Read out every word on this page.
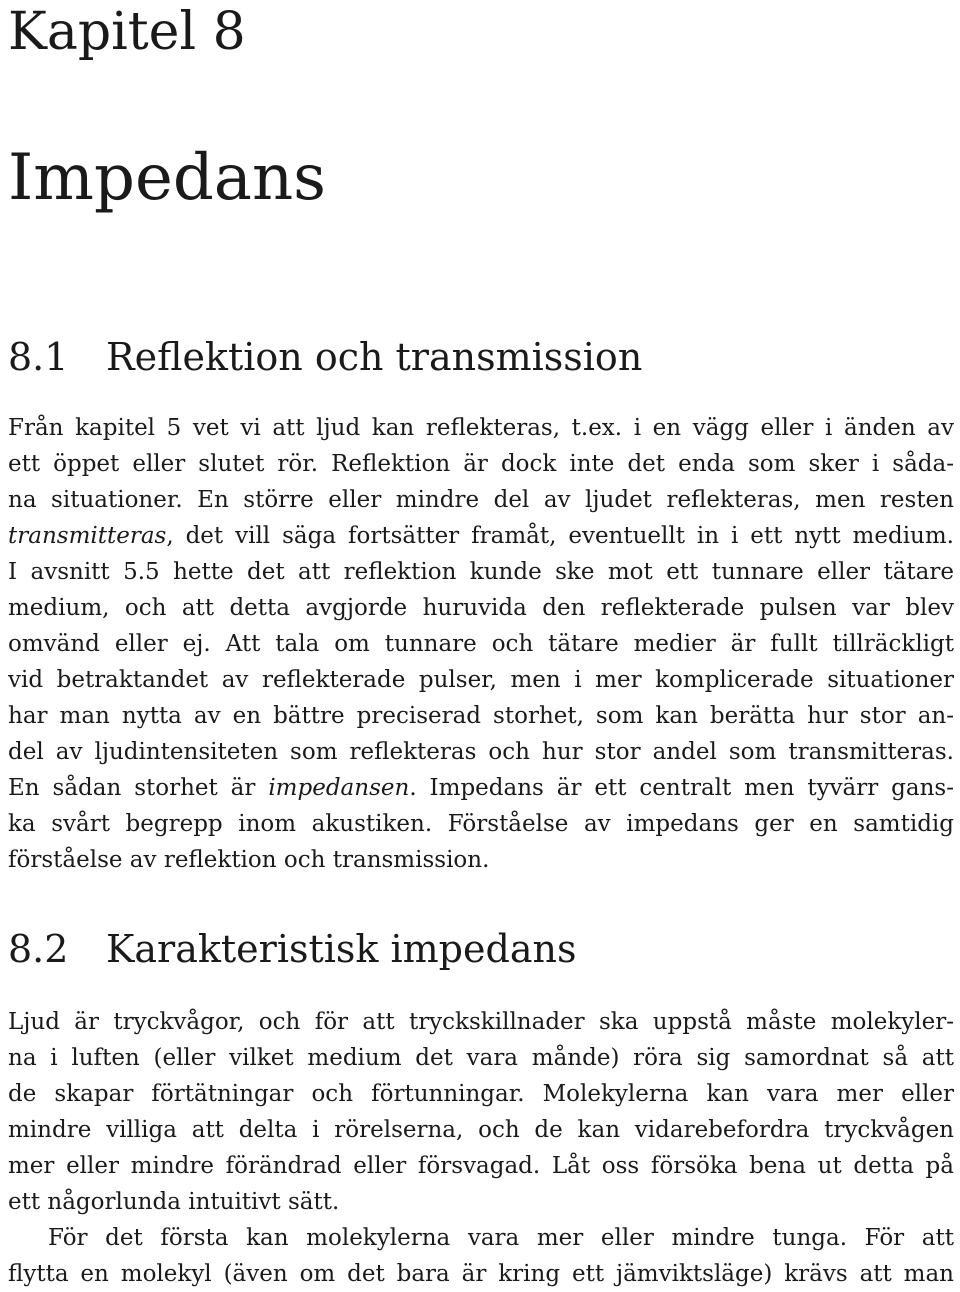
Kapitel 8
Impedans
8.1 Reflektion och transmission
Från kapitel 5 vet vi att ljud kan reflekteras, t.ex. i en vägg eller i änden av
ett öppet eller slutet rör. Reflektion är dock inte det enda som sker i såda-
na situationer. En större eller mindre del av ljudet reflekteras, men resten
transmitteras, det vill säga fortsätter framåt, eventuellt in i ett nytt medium.
I avsnitt 5.5 hette det att reflektion kunde ske mot ett tunnare eller tätare
medium, och att detta avgjorde huruvida den reflekterade pulsen var blev
omvänd eller ej. Att tala om tunnare och tätare medier är fullt tillräckligt
vid betraktandet av reflekterade pulser, men i mer komplicerade situationer
har man nytta av en bättre preciserad storhet, som kan berätta hur stor an-
del av ljudintensiteten som reflekteras och hur stor andel som transmitteras.
En sådan storhet är impedansen. Impedans är ett centralt men tyvärr gans-
ka svårt begrepp inom akustiken. Förståelse av impedans ger en samtidig
förståelse av reflektion och transmission.
8.2 Karakteristisk impedans
Ljud är tryckvågor, och för att tryckskillnader ska uppstå måste molekyler-
na i luften (eller vilket medium det vara månde) röra sig samordnat så att
de skapar förtätningar och förtunningar. Molekylerna kan vara mer eller
mindre villiga att delta i rörelserna, och de kan vidarebefordra tryckvågen
mer eller mindre förändrad eller försvagad. Låt oss försöka bena ut detta på
ett någorlunda intuitivt sätt.
För det första kan molekylerna vara mer eller mindre tunga. För att
flytta en molekyl (även om det bara är kring ett jämviktsläge) krävs att man
